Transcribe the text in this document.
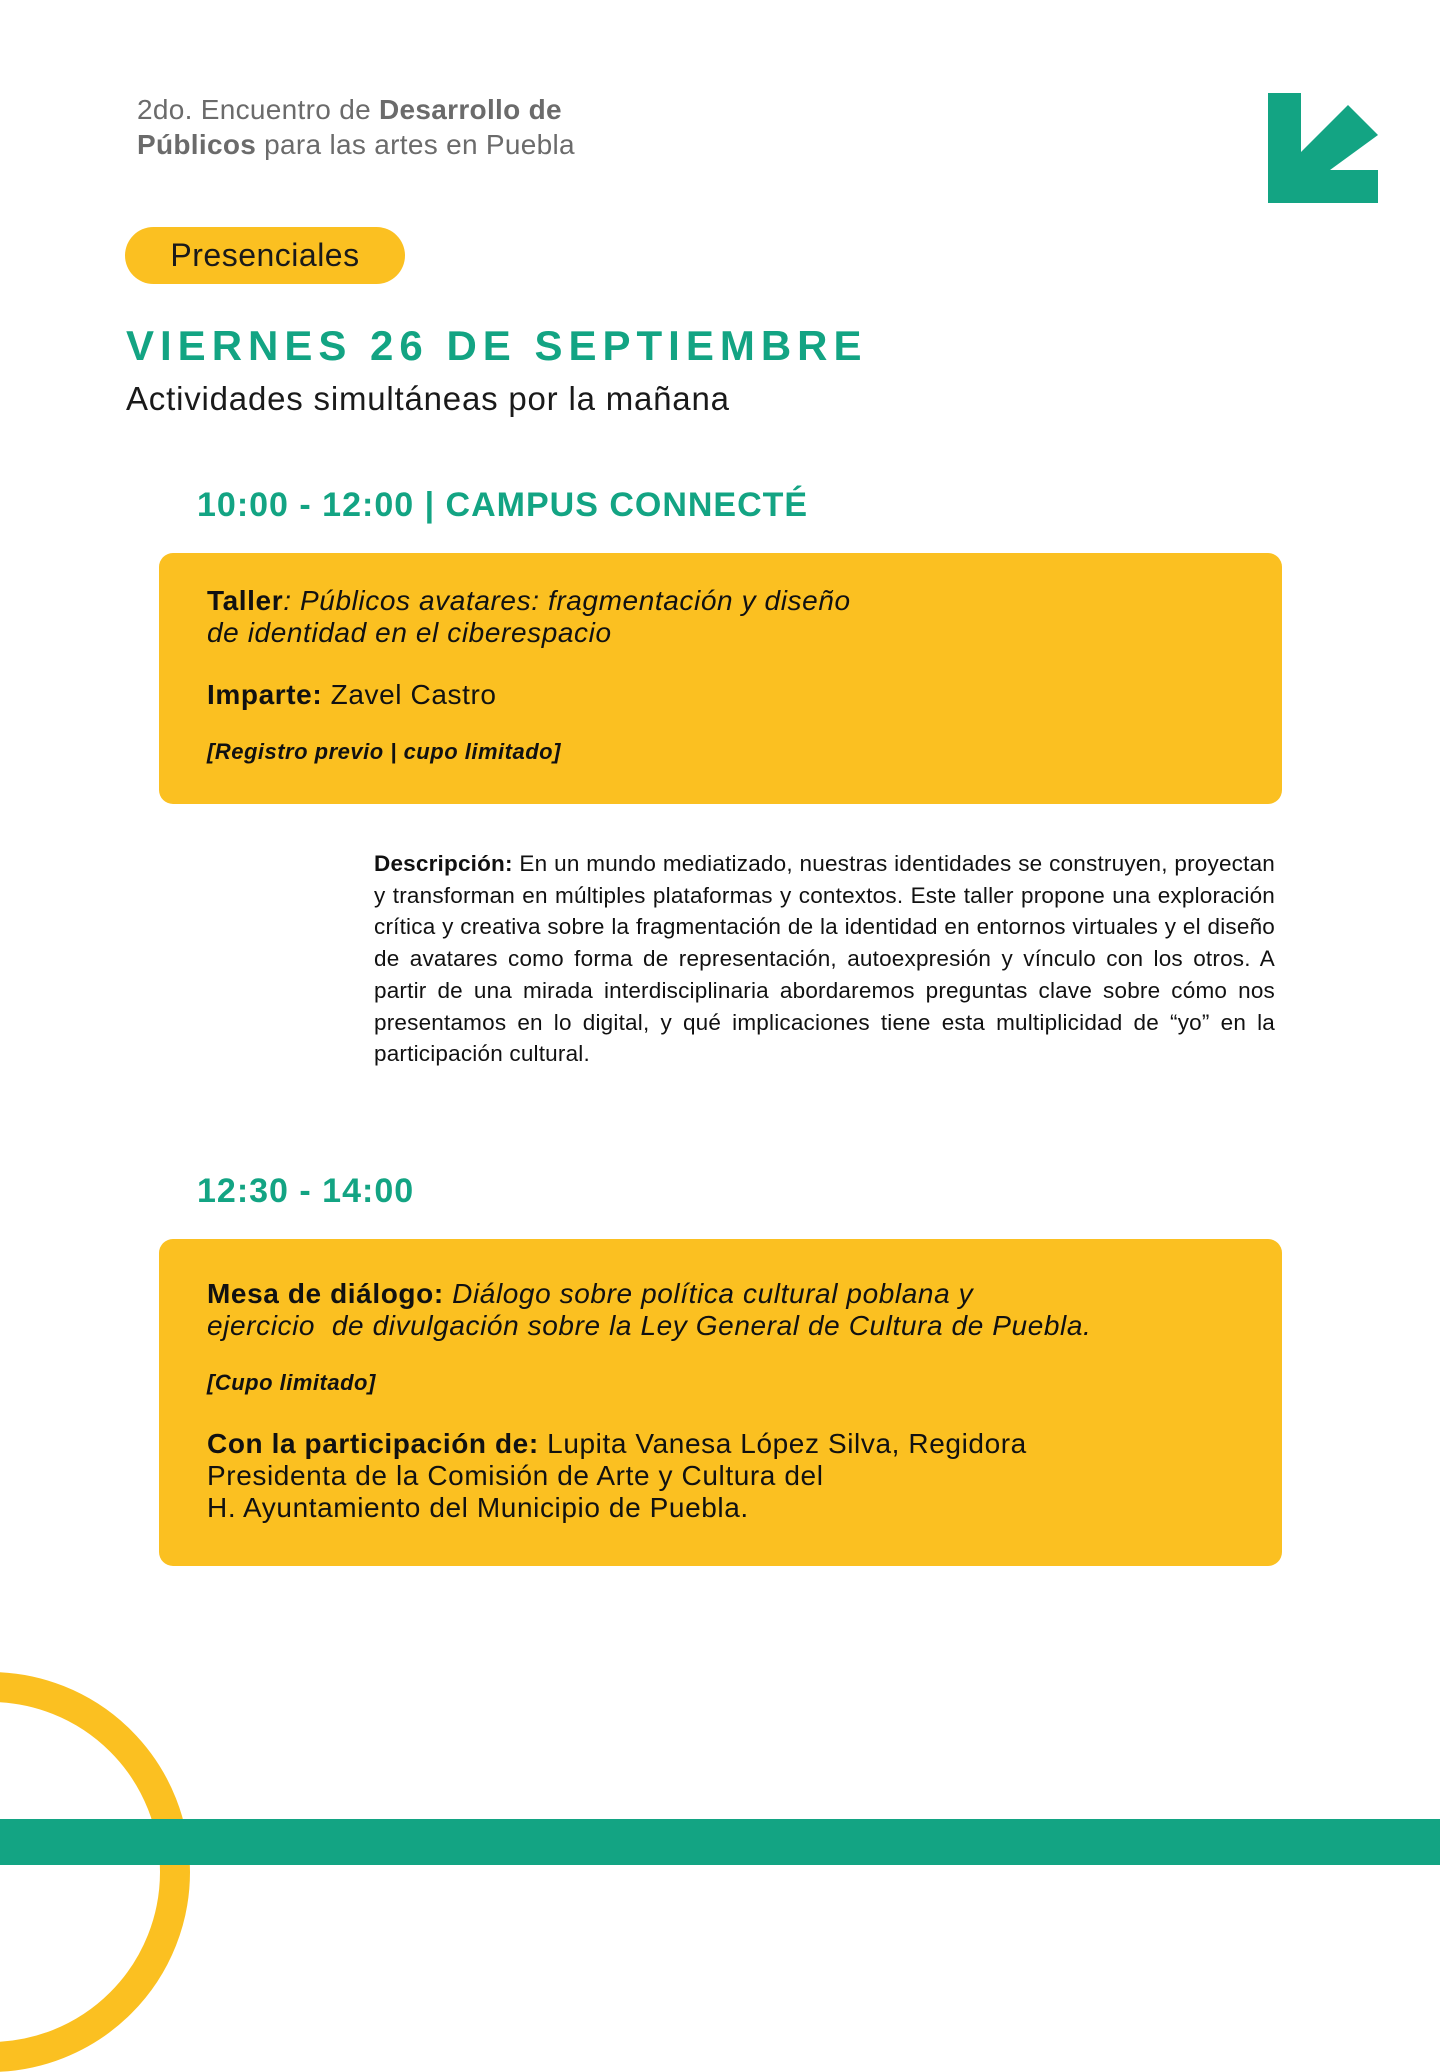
2do. Encuentro de Desarrollo de
Públicos para las artes en Puebla
Presenciales
VIERNES 26 DE SEPTIEMBRE
Actividades simultáneas por la mañana
10:00 - 12:00 | CAMPUS CONNECTÉ
Taller: Públicos avatares: fragmentación y diseño
de identidad en el ciberespacio
Imparte: Zavel Castro
[Registro previo | cupo limitado]
Descripción: En un mundo mediatizado, nuestras identidades se construyen, proyectan y transforman en múltiples plataformas y contextos. Este taller propone una exploración crítica y creativa sobre la fragmentación de la identidad en entornos virtuales y el diseño de avatares como forma de representación, autoexpresión y vínculo con los otros. A partir de una mirada interdisciplinaria abordaremos preguntas clave sobre cómo nos presentamos en lo digital, y qué implicaciones tiene esta multiplicidad de “yo” en la participación cultural.
12:30 - 14:00
Mesa de diálogo: Diálogo sobre política cultural poblana y
ejercicio  de divulgación sobre la Ley General de Cultura de Puebla.
[Cupo limitado]
Con la participación de: Lupita Vanesa López Silva, Regidora
Presidenta de la Comisión de Arte y Cultura del
H. Ayuntamiento del Municipio de Puebla.
